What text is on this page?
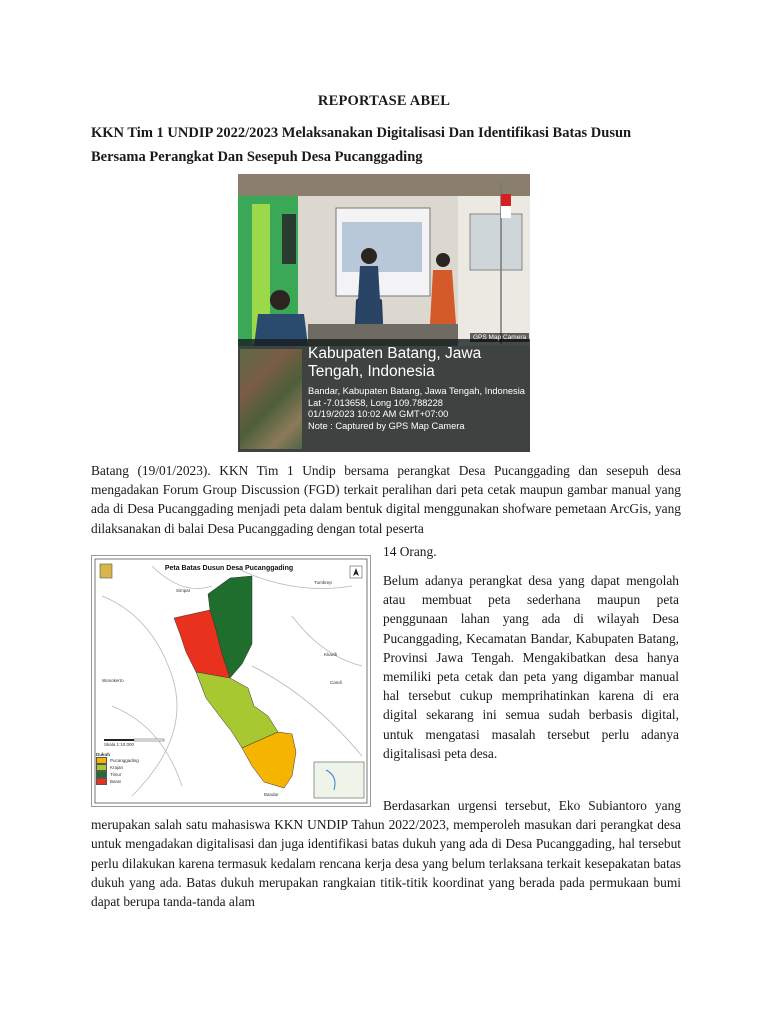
REPORTASE ABEL
KKN Tim 1 UNDIP 2022/2023 Melaksanakan Digitalisasi Dan Identifikasi Batas Dusun Bersama Perangkat Dan Sesepuh Desa Pucanggading
GPS Map Camera
Kabupaten Batang, Jawa Tengah, Indonesia
Bandar, Kabupaten Batang, Jawa Tengah, Indonesia
Lat -7.013658, Long 109.788228
01/19/2023 10:02 AM GMT+07:00
Note : Captured by GPS Map Camera
Batang (19/01/2023). KKN Tim 1 Undip bersama perangkat Desa Pucanggading dan sesepuh desa mengadakan Forum Group Discussion (FGD) terkait peralihan dari peta cetak maupun gambar manual yang ada di Desa Pucanggading menjadi peta dalam bentuk digital menggunakan shofware pemetaan ArcGis, yang dilaksanakan di balai Desa Pucanggading dengan total peserta
14 Orang.
Peta Batas Dusun Desa Pucanggading
Skala 1:10.000
Wonokerto
Kluwih
Candi
Tumbrep
Simpar
Bandar
Dukuh
Pucanggading
Krajan
Timur
Barat
Belum adanya perangkat desa yang dapat mengolah atau membuat peta sederhana maupun peta penggunaan lahan yang ada di wilayah Desa Pucanggading, Kecamatan Bandar, Kabupaten Batang, Provinsi Jawa Tengah. Mengakibatkan desa hanya memiliki peta cetak dan peta yang digambar manual hal tersebut cukup memprihatinkan karena di era digital sekarang ini semua sudah berbasis digital, untuk mengatasi masalah tersebut perlu adanya digitalisasi peta desa.
Berdasarkan urgensi tersebut, Eko Subiantoro yang merupakan salah satu mahasiswa KKN UNDIP Tahun 2022/2023, memperoleh masukan dari perangkat desa untuk mengadakan digitalisasi dan juga identifikasi batas dukuh yang ada di Desa Pucanggading, hal tersebut perlu dilakukan karena termasuk kedalam rencana kerja desa yang belum terlaksana terkait kesepakatan batas dukuh yang ada. Batas dukuh merupakan rangkaian titik-titik koordinat yang berada pada permukaan bumi dapat berupa tanda-tanda alam
